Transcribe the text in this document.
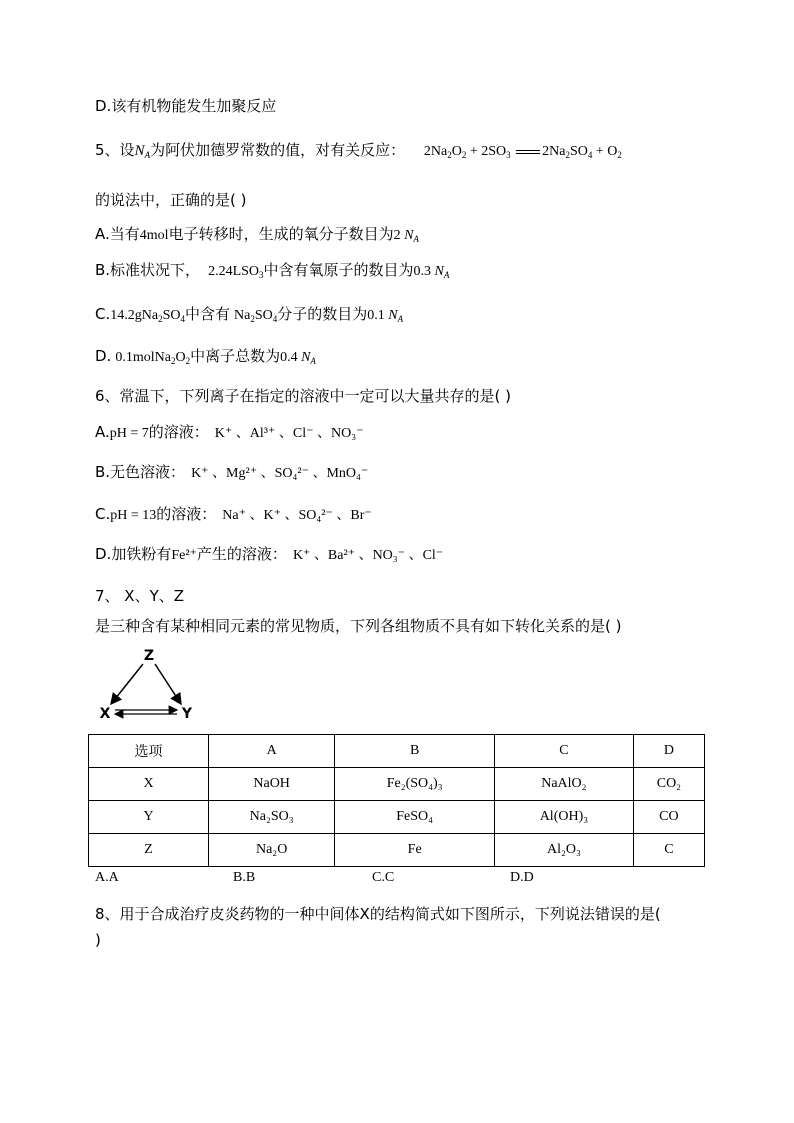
D.该有机物能发生加聚反应
5、设$N_A$为阿伏加德罗常数的值，对有关反应： $2Na_2O_2 + 2SO_3$ $2Na_2SO_4 + O_2$
的说法中，正确的是( )
A.当有4mol电子转移时，生成的氧分子数目为2 $N_A$
B.标准状况下， $2.24LSO_3$中含有氧原子的数目为0.3 $N_A$
$C.14.2gNa_2SO_4$中含有 $Na_2SO_4$分子的数目为0.1 $N_A$
D. $0.1molNa_2O_2$中离子总数为0.4 $N_A$
6、常温下，下列离子在指定的溶液中一定可以大量共存的是( )
A.pH = 7的溶液： K⁺ 、Al³⁺ 、Cl⁻ 、NO₃⁻
B.无色溶液： K⁺ 、Mg²⁺ 、SO₄²⁻ 、MnO₄⁻
C.pH = 13的溶液： Na⁺ 、K⁺ 、SO₄²⁻ 、Br⁻
D.加铁粉有Fe²⁺产生的溶液： K⁺ 、Ba²⁺ 、NO₃⁻ 、Cl⁻
7、 X、Y、Z
是三种含有某种相同元素的常见物质，下列各组物质不具有如下转化关系的是( )
Z
X	Y
选项	A	B	C	D
X	NaOH	Fe₂(SO₄)₃	NaAlO₂	CO₂
Y	Na₂SO₃	FeSO₄	Al(OH)₃	CO
Z	Na₂O	Fe	Al₂O₃	C
A.A	B.B	C.C	D.D
8、用于合成治疗皮炎药物的一种中间体X的结构简式如下图所示，下列说法错误的是(
)
